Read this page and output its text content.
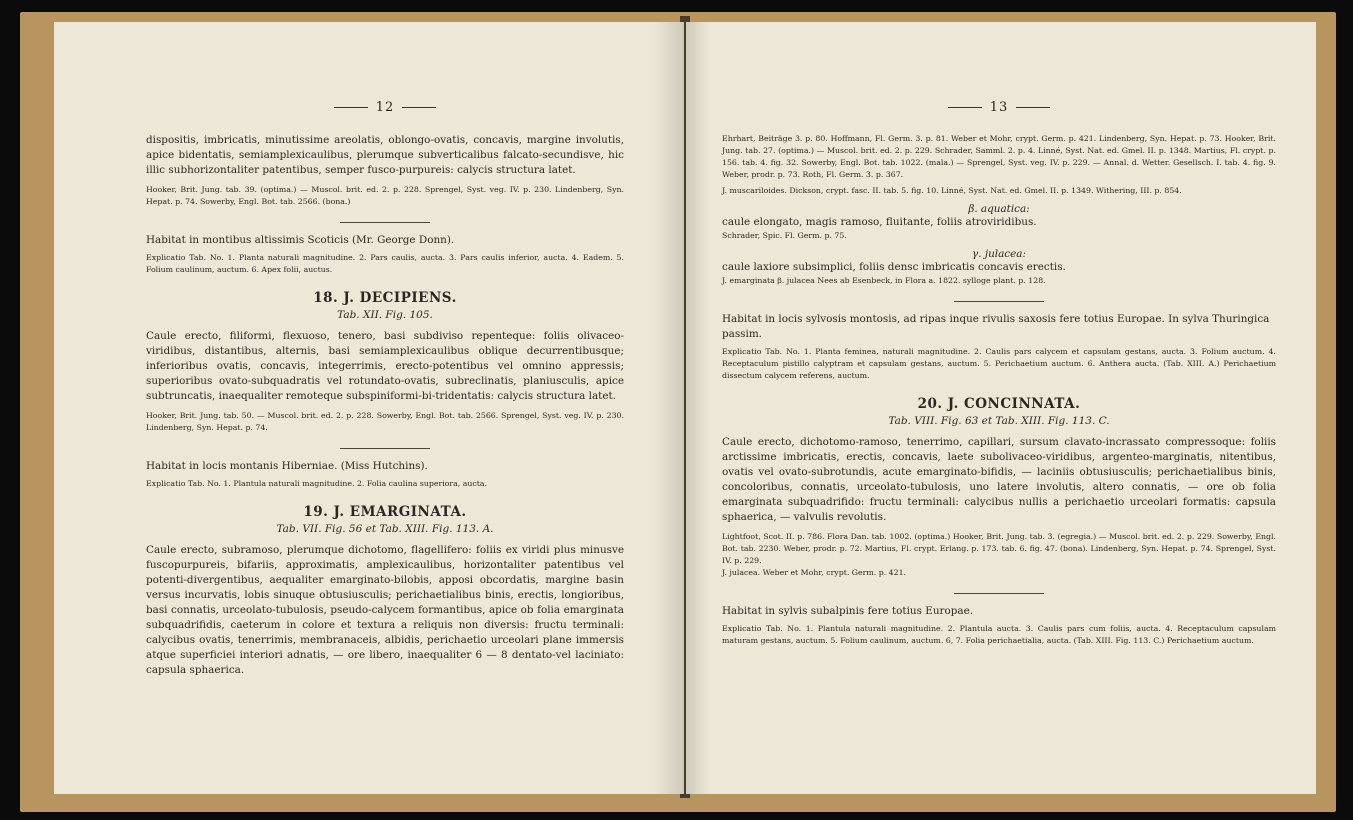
12

dispositis, imbricatis, minutissime areolatis, oblongo-ovatis, concavis, margine involutis, apice bidentatis, semiamplexicaulibus, plerumque subverticalibus falcato-secundisve, hic illic subhorizontaliter patentibus, semper fusco-purpureis: calycis structura latet.

Hooker, Brit. Jung. tab. 39. (optima.) — Muscol. brit. ed. 2. p. 228. Sprengel, Syst. veg. IV. p. 230. Lindenberg, Syn. Hepat. p. 74. Sowerby, Engl. Bot. tab. 2566. (bona.)

Habitat in montibus altissimis Scoticis (Mr. George Donn).

Explicatio Tab. No. 1. Planta naturali magnitudine. 2. Pars caulis, aucta. 3. Pars caulis inferior, aucta. 4. Eadem. 5. Folium caulinum, auctum. 6. Apex folii, auctus.

18. J. DECIPIENS.
Tab. XII. Fig. 105.

Caule erecto, filiformi, flexuoso, tenero, basi subdiviso repenteque: foliis olivaceo-viridibus, distantibus, alternis, basi semiamplexicaulibus oblique decurrentibusque; inferioribus ovatis, concavis, integerrimis, erecto-potentibus vel omnino appressis; superioribus ovato-subquadratis vel rotundato-ovatis, subreclinatis, planiusculis, apice subtruncatis, inaequaliter remoteque subspiniformi-bi-tridentatis: calycis structura latet.

Hooker, Brit. Jung. tab. 50. — Muscol. brit. ed. 2. p. 228. Sowerby, Engl. Bot. tab. 2566. Sprengel, Syst. veg. IV. p. 230. Lindenberg, Syn. Hepat. p. 74.

Habitat in locis montanis Hiberniae. (Miss Hutchins).

Explicatio Tab. No. 1. Plantula naturali magnitudine. 2. Folia caulina superiora, aucta.

19. J. EMARGINATA.
Tab. VII. Fig. 56 et Tab. XIII. Fig. 113. A.

Caule erecto, subramoso, plerumque dichotomo, flagellifero: foliis ex viridi plus minusve fuscopurpureis, bifariis, approximatis, amplexicaulibus, horizontaliter patentibus vel potenti-divergentibus, aequaliter emarginato-bilobis, apposi obcordatis, margine basin versus incurvatis, lobis sinuque obtusiusculis; perichaetialibus binis, erectis, longioribus, basi connatis, urceolato-tubulosis, pseudo-calycem formantibus, apice ob folia emarginata subquadrifidis, caeterum in colore et textura a reliquis non diversis: fructu terminali: calycibus ovatis, tenerrimis, membranaceis, albidis, perichaetio urceolari plane immersis atque superficiei interiori adnatis, — ore libero, inaequaliter 6 — 8 dentato-vel laciniato: capsula sphaerica.

13

Ehrhart, Beiträge 3. p. 80. Hoffmann, Fl. Germ. 3. p. 81. Weber et Mohr, crypt. Germ. p. 421. Lindenberg, Syn. Hepat. p. 73. Hooker, Brit. Jung. tab. 27. (optima.) — Muscol. brit. ed. 2. p. 229. Schrader, Samml. 2. p. 4. Linné, Syst. Nat. ed. Gmel. II. p. 1348. Martius, Fl. crypt. p. 156. tab. 4. fig. 32. Sowerby, Engl. Bot. tab. 1022. (mala.) — Sprengel, Syst. veg. IV. p. 229. — Annal. d. Wetter. Gesellsch. I. tab. 4. fig. 9. Weber, prodr. p. 73. Roth, Fl. Germ. 3. p. 367.

J. muscariloides. Dickson, crypt. fasc. II. tab. 5. fig. 10. Linné, Syst. Nat. ed. Gmel. II. p. 1349. Withering, III. p. 854.

β. aquatica:

caule elongato, magis ramoso, fluitante, foliis atroviridibus.

Schrader, Spic. Fl. Germ. p. 75.

γ. julacea:

caule laxiore subsimplici, foliis densc imbricatis concavis erectis.

J. emarginata β. julacea Nees ab Esenbeck, in Flora a. 1822. sylloge plant. p. 128.

Habitat in locis sylvosis montosis, ad ripas inque rivulis saxosis fere totius Europae. In sylva Thuringica passim.

Explicatio Tab. No. 1. Planta feminea, naturali magnitudine. 2. Caulis pars calycem et capsulam gestans, aucta. 3. Folium auctum. 4. Receptaculum pistillo calyptram et capsulam gestans, auctum. 5. Perichaetium auctum. 6. Anthera aucta. (Tab. XIII. A.) Perichaetium dissectum calycem referens, auctum.

20. J. CONCINNATA.
Tab. VIII. Fig. 63 et Tab. XIII. Fig. 113. C.

Caule erecto, dichotomo-ramoso, tenerrimo, capillari, sursum clavato-incrassato compressoque: foliis arctissime imbricatis, erectis, concavis, laete subolivaceo-viridibus, argenteo-marginatis, nitentibus, ovatis vel ovato-subrotundis, acute emarginato-bifidis, — laciniis obtusiusculis; perichaetialibus binis, concoloribus, connatis, urceolato-tubulosis, uno latere involutis, altero connatis, — ore ob folia emarginata subquadrifido: fructu terminali: calycibus nullis a perichaetio urceolari formatis: capsula sphaerica, — valvulis revolutis.

Lightfoot, Scot. II. p. 786. Flora Dan. tab. 1002. (optima.) Hooker, Brit. Jung. tab. 3. (egregia.) — Muscol. brit. ed. 2. p. 229. Sowerby, Engl. Bot. tab. 2230. Weber, prodr. p. 72. Martius, Fl. crypt. Erlang. p. 173. tab. 6. fig. 47. (bona). Lindenberg, Syn. Hepat. p. 74. Sprengel, Syst. IV. p. 229.

J. julacea. Weber et Mohr, crypt. Germ. p. 421.

Habitat in sylvis subalpinis fere totius Europae.

Explicatio Tab. No. 1. Plantula naturali magnitudine. 2. Plantula aucta. 3. Caulis pars cum foliis, aucta. 4. Receptaculum capsulam maturam gestans, auctum. 5. Folium caulinum, auctum. 6, 7. Folia perichaetialia, aucta. (Tab. XIII. Fig. 113. C.) Perichaetium auctum.
